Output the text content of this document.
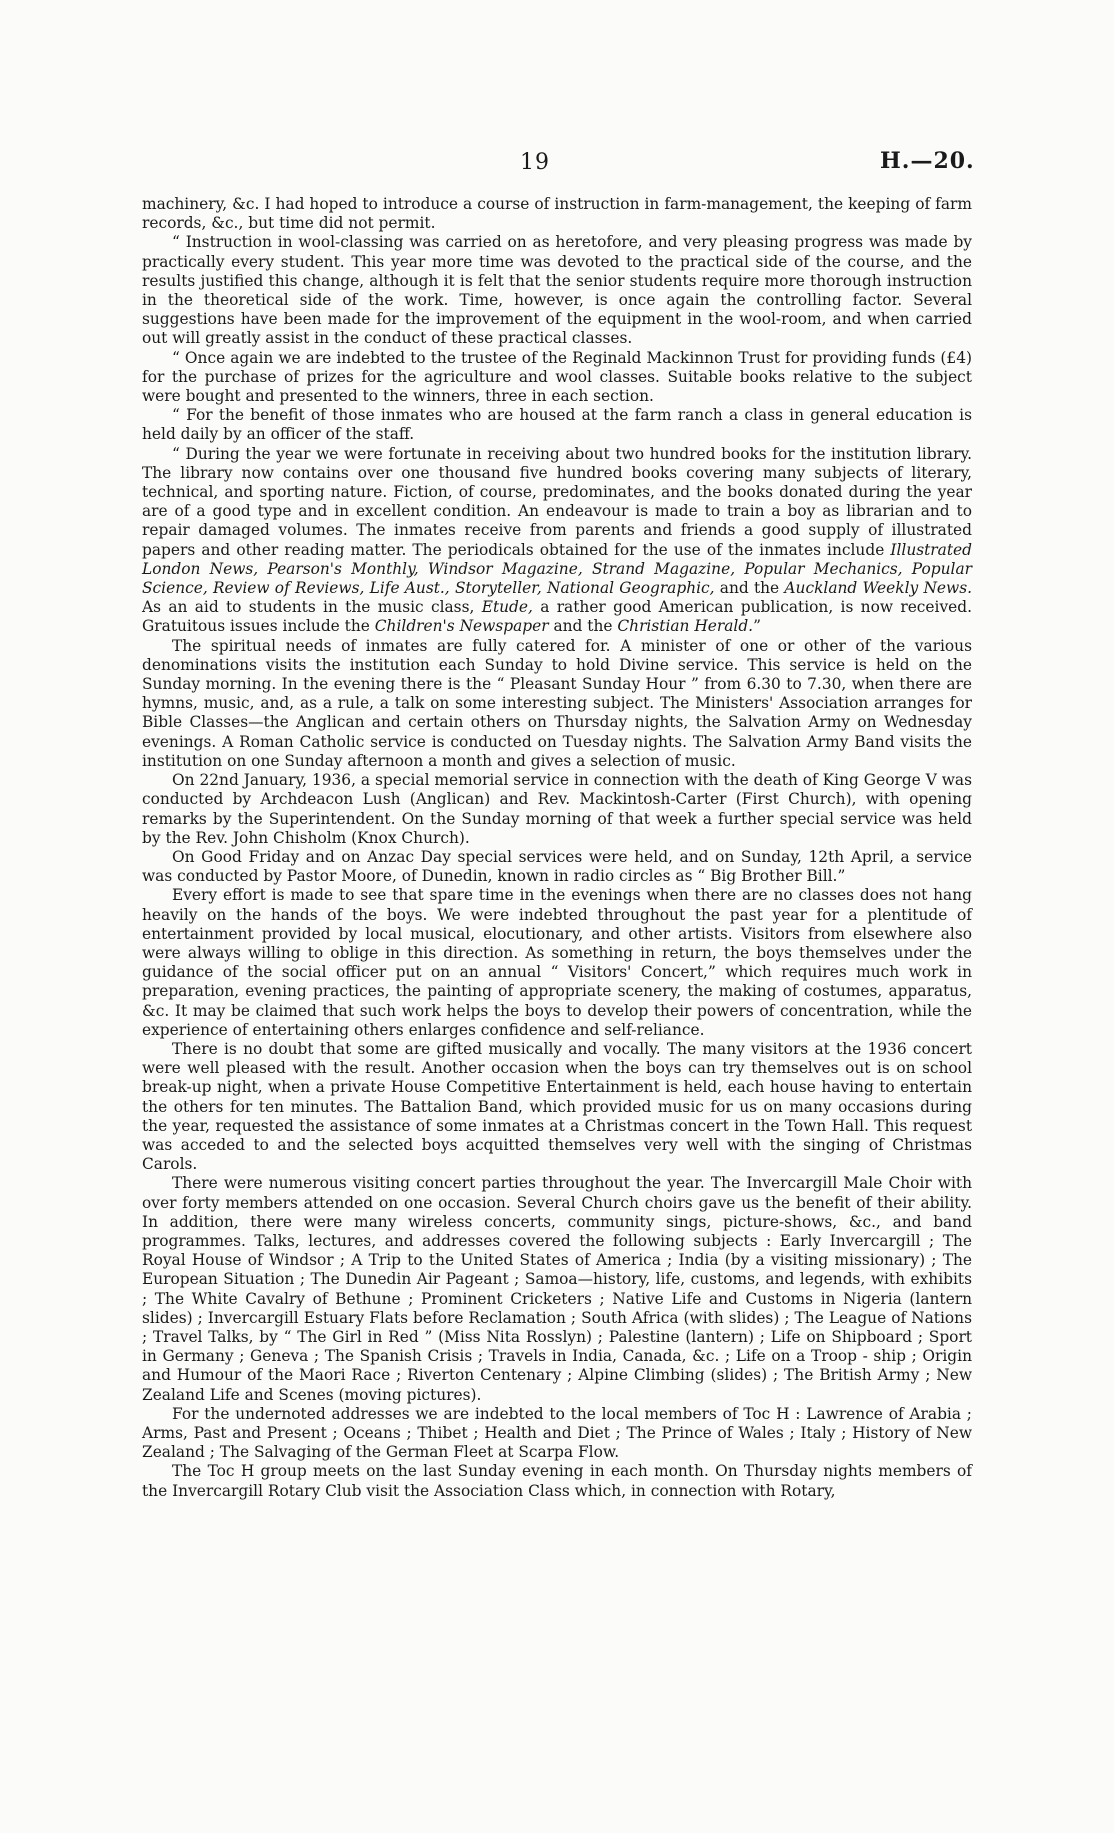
19	H.—20.

machinery, &c. I had hoped to introduce a course of instruction in farm-management, the keeping of farm records, &c., but time did not permit.

“ Instruction in wool-classing was carried on as heretofore, and very pleasing progress was made by practically every student. This year more time was devoted to the practical side of the course, and the results justified this change, although it is felt that the senior students require more thorough instruction in the theoretical side of the work. Time, however, is once again the controlling factor. Several suggestions have been made for the improvement of the equipment in the wool-room, and when carried out will greatly assist in the conduct of these practical classes.

“ Once again we are indebted to the trustee of the Reginald Mackinnon Trust for providing funds (£4) for the purchase of prizes for the agriculture and wool classes. Suitable books relative to the subject were bought and presented to the winners, three in each section.

“ For the benefit of those inmates who are housed at the farm ranch a class in general education is held daily by an officer of the staff.

“ During the year we were fortunate in receiving about two hundred books for the institution library. The library now contains over one thousand five hundred books covering many subjects of literary, technical, and sporting nature. Fiction, of course, predominates, and the books donated during the year are of a good type and in excellent condition. An endeavour is made to train a boy as librarian and to repair damaged volumes. The inmates receive from parents and friends a good supply of illustrated papers and other reading matter. The periodicals obtained for the use of the inmates include Illustrated London News, Pearson's Monthly, Windsor Magazine, Strand Magazine, Popular Mechanics, Popular Science, Review of Reviews, Life Aust., Storyteller, National Geographic, and the Auckland Weekly News. As an aid to students in the music class, Etude, a rather good American publication, is now received. Gratuitous issues include the Children's Newspaper and the Christian Herald.”

The spiritual needs of inmates are fully catered for. A minister of one or other of the various denominations visits the institution each Sunday to hold Divine service. This service is held on the Sunday morning. In the evening there is the “ Pleasant Sunday Hour ” from 6.30 to 7.30, when there are hymns, music, and, as a rule, a talk on some interesting subject. The Ministers' Association arranges for Bible Classes—the Anglican and certain others on Thursday nights, the Salvation Army on Wednesday evenings. A Roman Catholic service is conducted on Tuesday nights. The Salvation Army Band visits the institution on one Sunday afternoon a month and gives a selection of music.

On 22nd January, 1936, a special memorial service in connection with the death of King George V was conducted by Archdeacon Lush (Anglican) and Rev. Mackintosh-Carter (First Church), with opening remarks by the Superintendent. On the Sunday morning of that week a further special service was held by the Rev. John Chisholm (Knox Church).

On Good Friday and on Anzac Day special services were held, and on Sunday, 12th April, a service was conducted by Pastor Moore, of Dunedin, known in radio circles as “ Big Brother Bill.”

Every effort is made to see that spare time in the evenings when there are no classes does not hang heavily on the hands of the boys. We were indebted throughout the past year for a plentitude of entertainment provided by local musical, elocutionary, and other artists. Visitors from elsewhere also were always willing to oblige in this direction. As something in return, the boys themselves under the guidance of the social officer put on an annual “ Visitors' Concert,” which requires much work in preparation, evening practices, the painting of appropriate scenery, the making of costumes, apparatus, &c. It may be claimed that such work helps the boys to develop their powers of concentration, while the experience of entertaining others enlarges confidence and self-reliance.

There is no doubt that some are gifted musically and vocally. The many visitors at the 1936 concert were well pleased with the result. Another occasion when the boys can try themselves out is on school break-up night, when a private House Competitive Entertainment is held, each house having to entertain the others for ten minutes. The Battalion Band, which provided music for us on many occasions during the year, requested the assistance of some inmates at a Christmas concert in the Town Hall. This request was acceded to and the selected boys acquitted themselves very well with the singing of Christmas Carols.

There were numerous visiting concert parties throughout the year. The Invercargill Male Choir with over forty members attended on one occasion. Several Church choirs gave us the benefit of their ability. In addition, there were many wireless concerts, community sings, picture-shows, &c., and band programmes. Talks, lectures, and addresses covered the following subjects : Early Invercargill ; The Royal House of Windsor ; A Trip to the United States of America ; India (by a visiting missionary) ; The European Situation ; The Dunedin Air Pageant ; Samoa—history, life, customs, and legends, with exhibits ; The White Cavalry of Bethune ; Prominent Cricketers ; Native Life and Customs in Nigeria (lantern slides) ; Invercargill Estuary Flats before Reclamation ; South Africa (with slides) ; The League of Nations ; Travel Talks, by “ The Girl in Red ” (Miss Nita Rosslyn) ; Palestine (lantern) ; Life on Shipboard ; Sport in Germany ; Geneva ; The Spanish Crisis ; Travels in India, Canada, &c. ; Life on a Troop - ship ; Origin and Humour of the Maori Race ; Riverton Centenary ; Alpine Climbing (slides) ; The British Army ; New Zealand Life and Scenes (moving pictures).

For the undernoted addresses we are indebted to the local members of Toc H : Lawrence of Arabia ; Arms, Past and Present ; Oceans ; Thibet ; Health and Diet ; The Prince of Wales ; Italy ; History of New Zealand ; The Salvaging of the German Fleet at Scarpa Flow.

The Toc H group meets on the last Sunday evening in each month. On Thursday nights members of the Invercargill Rotary Club visit the Association Class which, in connection with Rotary,
